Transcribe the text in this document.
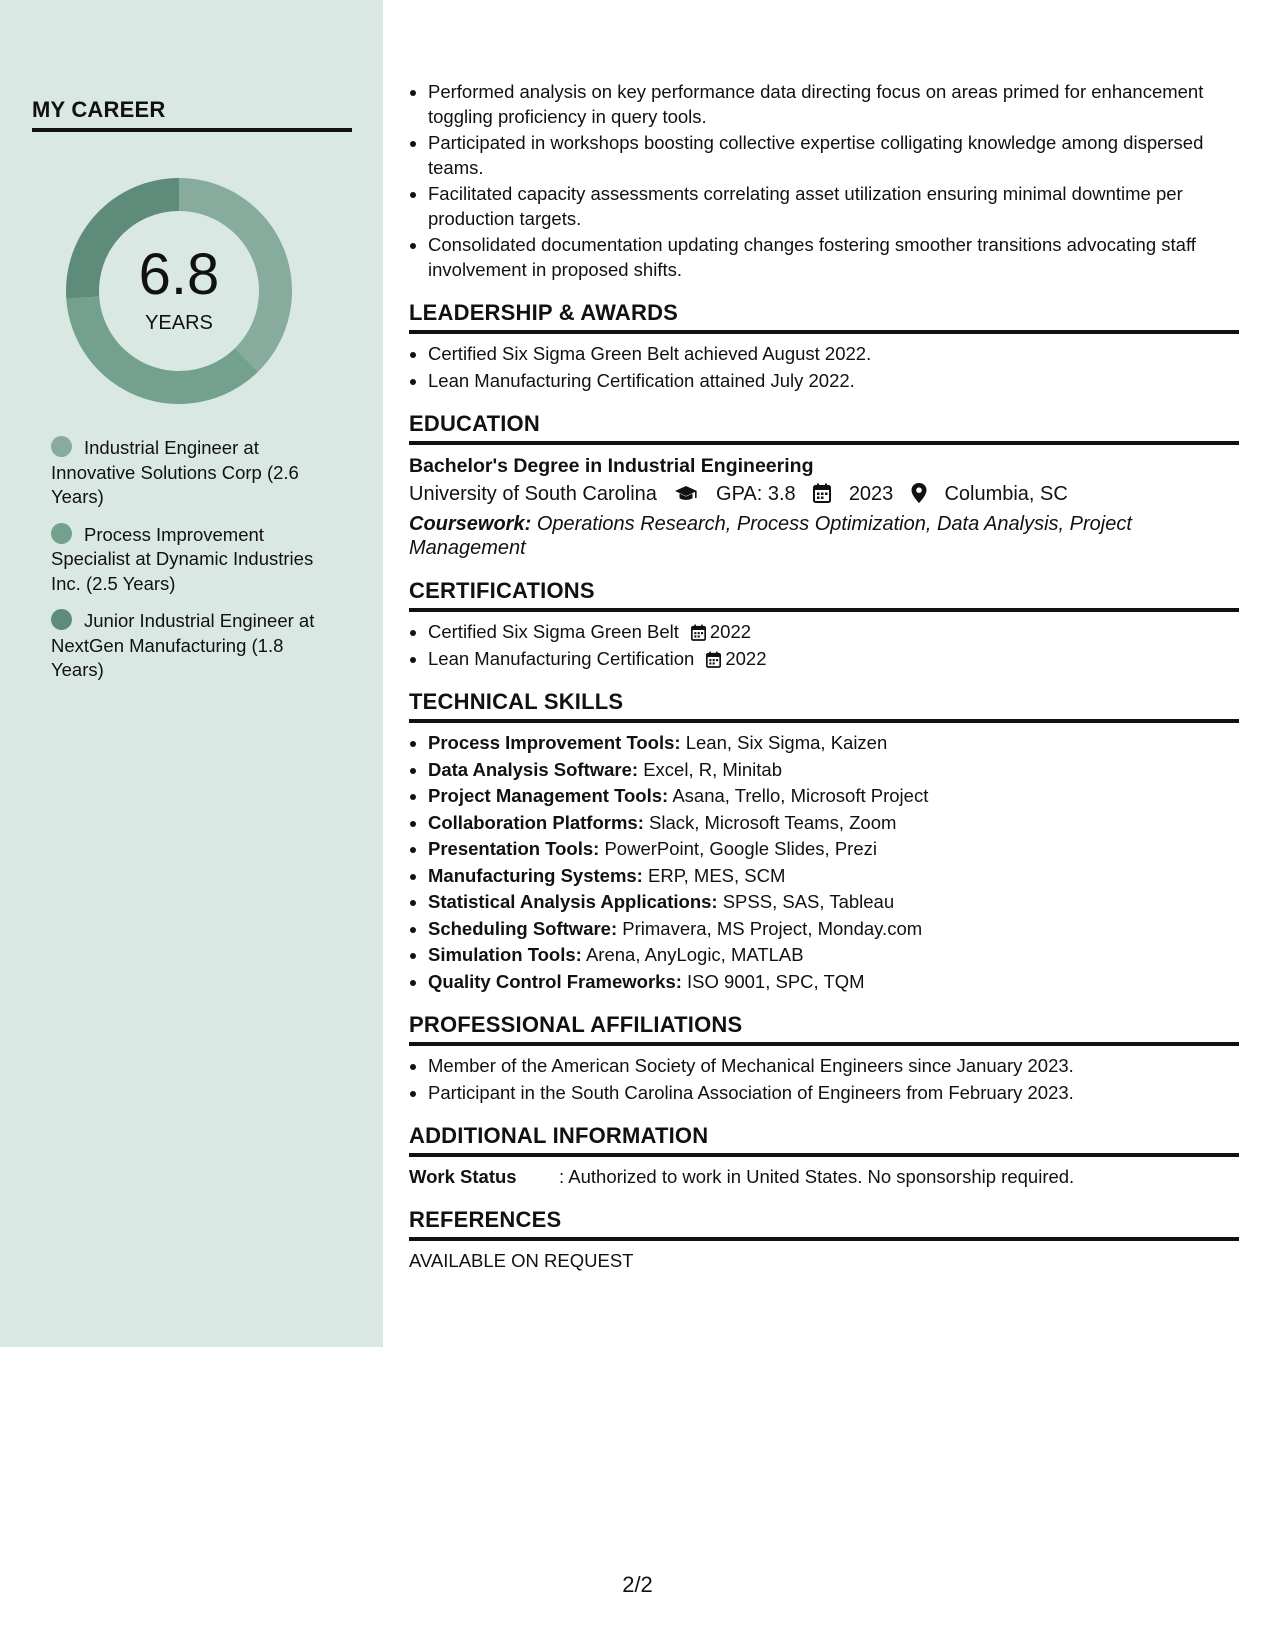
MY CAREER
6.8
YEARS
Industrial Engineer at Innovative Solutions Corp (2.6 Years)
Process Improvement Specialist at Dynamic Industries Inc. (2.5 Years)
Junior Industrial Engineer at NextGen Manufacturing (1.8 Years)
• Performed analysis on key performance data directing focus on areas primed for enhancement toggling proficiency in query tools.
• Participated in workshops boosting collective expertise colligating knowledge among dispersed teams.
• Facilitated capacity assessments correlating asset utilization ensuring minimal downtime per production targets.
• Consolidated documentation updating changes fostering smoother transitions advocating staff involvement in proposed shifts.
LEADERSHIP & AWARDS
• Certified Six Sigma Green Belt achieved August 2022.
• Lean Manufacturing Certification attained July 2022.
EDUCATION
Bachelor's Degree in Industrial Engineering
University of South Carolina	GPA: 3.8	2023	Columbia, SC
Coursework: Operations Research, Process Optimization, Data Analysis, Project Management
CERTIFICATIONS
• Certified Six Sigma Green Belt 2022
• Lean Manufacturing Certification 2022
TECHNICAL SKILLS
• Process Improvement Tools: Lean, Six Sigma, Kaizen
• Data Analysis Software: Excel, R, Minitab
• Project Management Tools: Asana, Trello, Microsoft Project
• Collaboration Platforms: Slack, Microsoft Teams, Zoom
• Presentation Tools: PowerPoint, Google Slides, Prezi
• Manufacturing Systems: ERP, MES, SCM
• Statistical Analysis Applications: SPSS, SAS, Tableau
• Scheduling Software: Primavera, MS Project, Monday.com
• Simulation Tools: Arena, AnyLogic, MATLAB
• Quality Control Frameworks: ISO 9001, SPC, TQM
PROFESSIONAL AFFILIATIONS
• Member of the American Society of Mechanical Engineers since January 2023.
• Participant in the South Carolina Association of Engineers from February 2023.
ADDITIONAL INFORMATION
Work Status : Authorized to work in United States. No sponsorship required.
REFERENCES
AVAILABLE ON REQUEST
2/2
